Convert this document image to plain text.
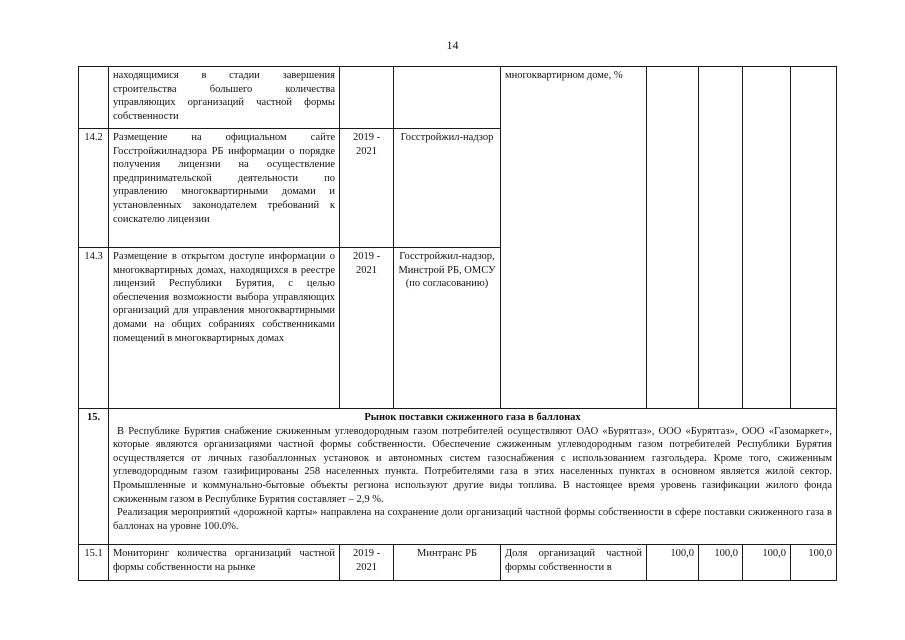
14
	находящимися в стадии завершения строительства большего количества управляющих организаций частной формы собственности			многоквартирном доме, %				
14.2	Размещение на официальном сайте Госстройжилнадзора РБ информации о порядке получения лицензии на осуществление предпринимательской деятельности по управлению многоквартирными домами и установленных законодателем требований к соискателю лицензии	2019 - 2021	Госстройжил-надзор					
14.3	Размещение в открытом доступе информации о многоквартирных домах, находящихся в реестре лицензий Республики Бурятия, с целью обеспечения возможности выбора управляющих организаций для управления многоквартирными домами на общих собраниях собственниками помещений в многоквартирных домах	2019 - 2021	Госстройжил-надзор, Минстрой РБ, ОМСУ (по согласованию)					
15.	Рынок поставки сжиженного газа в баллонах
В Республике Бурятия снабжение сжиженным углеводородным газом потребителей осуществляют ОАО «Бурятгаз», ООО «Бурятгаз», ООО «Газомаркет», которые являются организациями частной формы собственности. Обеспечение сжиженным углеводородным газом потребителей Республики Бурятия осуществляется от личных газобаллонных установок и автономных систем газоснабжения с использованием газгольдера. Кроме того, сжиженным углеводородным газом газифицированы 258 населенных пункта. Потребителями газа в этих населенных пунктах в основном является жилой сектор. Промышленные и коммунально-бытовые объекты региона используют другие виды топлива. В настоящее время уровень газификации жилого фонда сжиженным газом в Республике Бурятия составляет – 2,9 %.
Реализация мероприятий «дорожной карты» направлена на сохранение доли организаций частной формы собственности в сфере поставки сжиженного газа в баллонах на уровне 100.0%.							

15.1	Мониторинг количества организаций частной формы собственности на рынке	2019 - 2021	Минтранс РБ	Доля организаций частной формы собственности в	100,0	100,0	100,0	100,0
